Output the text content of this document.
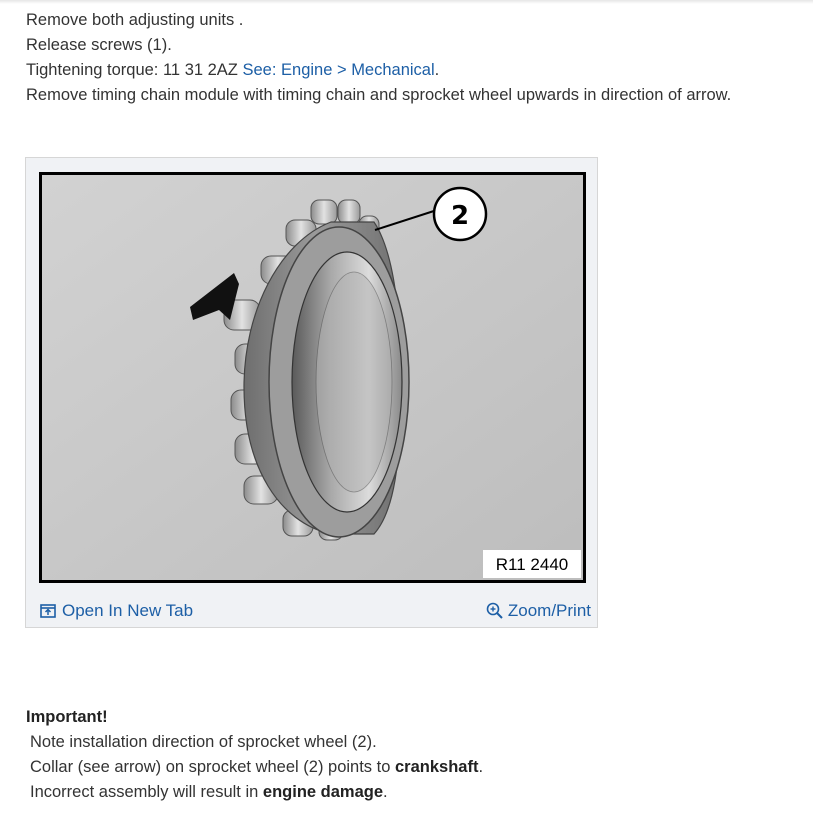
Remove both adjusting units .
Release screws (1).
Tightening torque: 11 31 2AZ See: Engine > Mechanical.
Remove timing chain module with timing chain and sprocket wheel upwards in direction of arrow.
2
R11 2440
Open In New Tab	Zoom/Print
Important!
Note installation direction of sprocket wheel (2).
Collar (see arrow) on sprocket wheel (2) points to crankshaft.
Incorrect assembly will result in engine damage.
